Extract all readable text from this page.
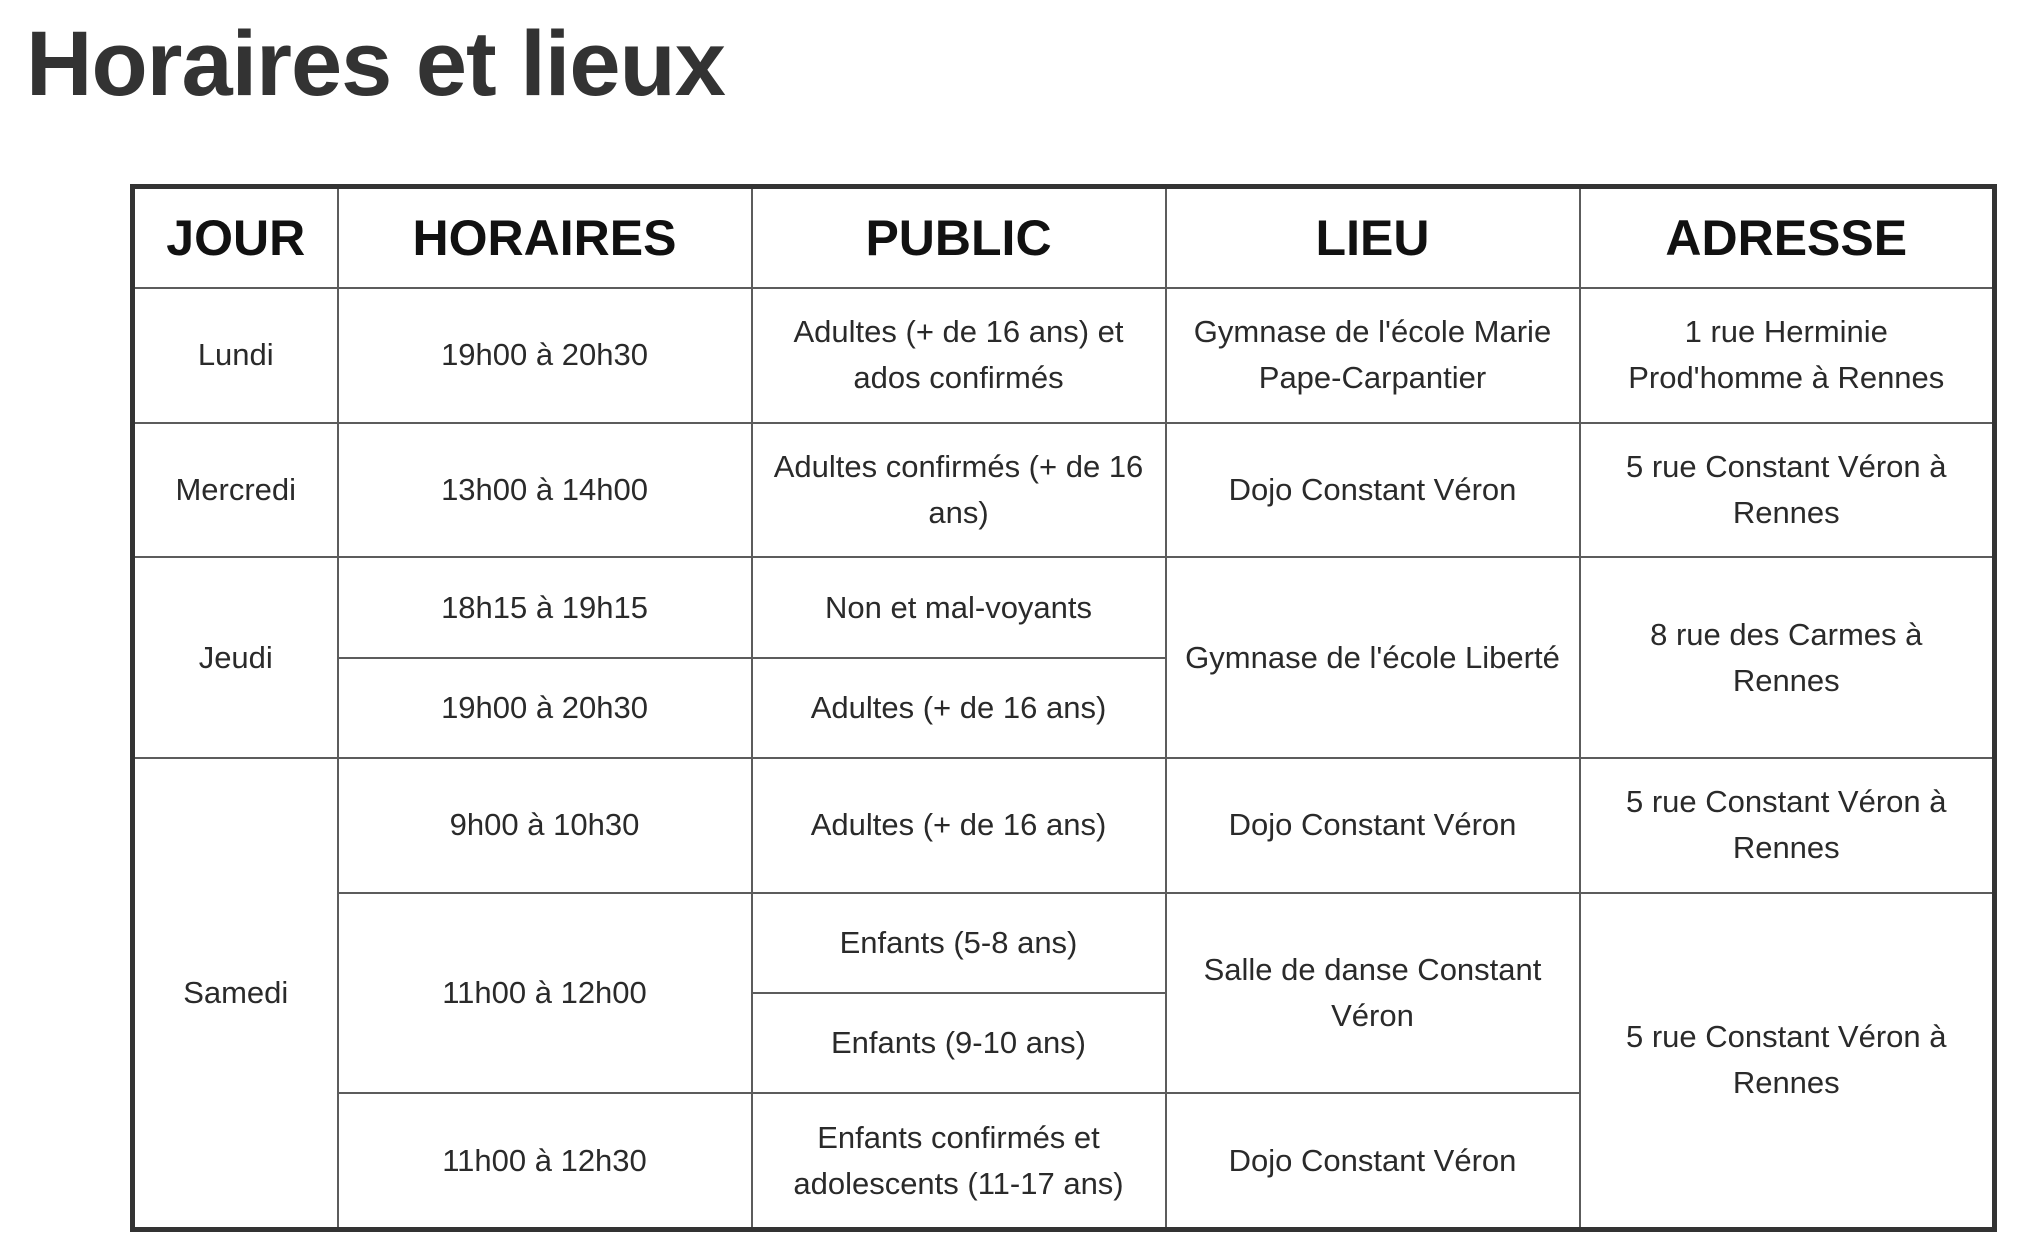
Horaires et lieux
JOUR	HORAIRES	PUBLIC	LIEU	ADRESSE
Lundi	19h00 à 20h30	Adultes (+ de 16 ans) et ados confirmés	Gymnase de l'école Marie Pape-Carpantier	1 rue Herminie Prod'homme à Rennes
Mercredi	13h00 à 14h00	Adultes confirmés (+ de 16 ans)	Dojo Constant Véron	5 rue Constant Véron à Rennes
Jeudi	18h15 à 19h15	Non et mal-voyants	Gymnase de l'école Liberté	8 rue des Carmes à Rennes
	19h00 à 20h30	Adultes (+ de 16 ans)		
Samedi	9h00 à 10h30	Adultes (+ de 16 ans)	Dojo Constant Véron	5 rue Constant Véron à Rennes
	11h00 à 12h00	Enfants (5-8 ans)	Salle de danse Constant Véron	5 rue Constant Véron à Rennes
		Enfants (9-10 ans)		
	11h00 à 12h30	Enfants confirmés et adolescents (11-17 ans)	Dojo Constant Véron	
